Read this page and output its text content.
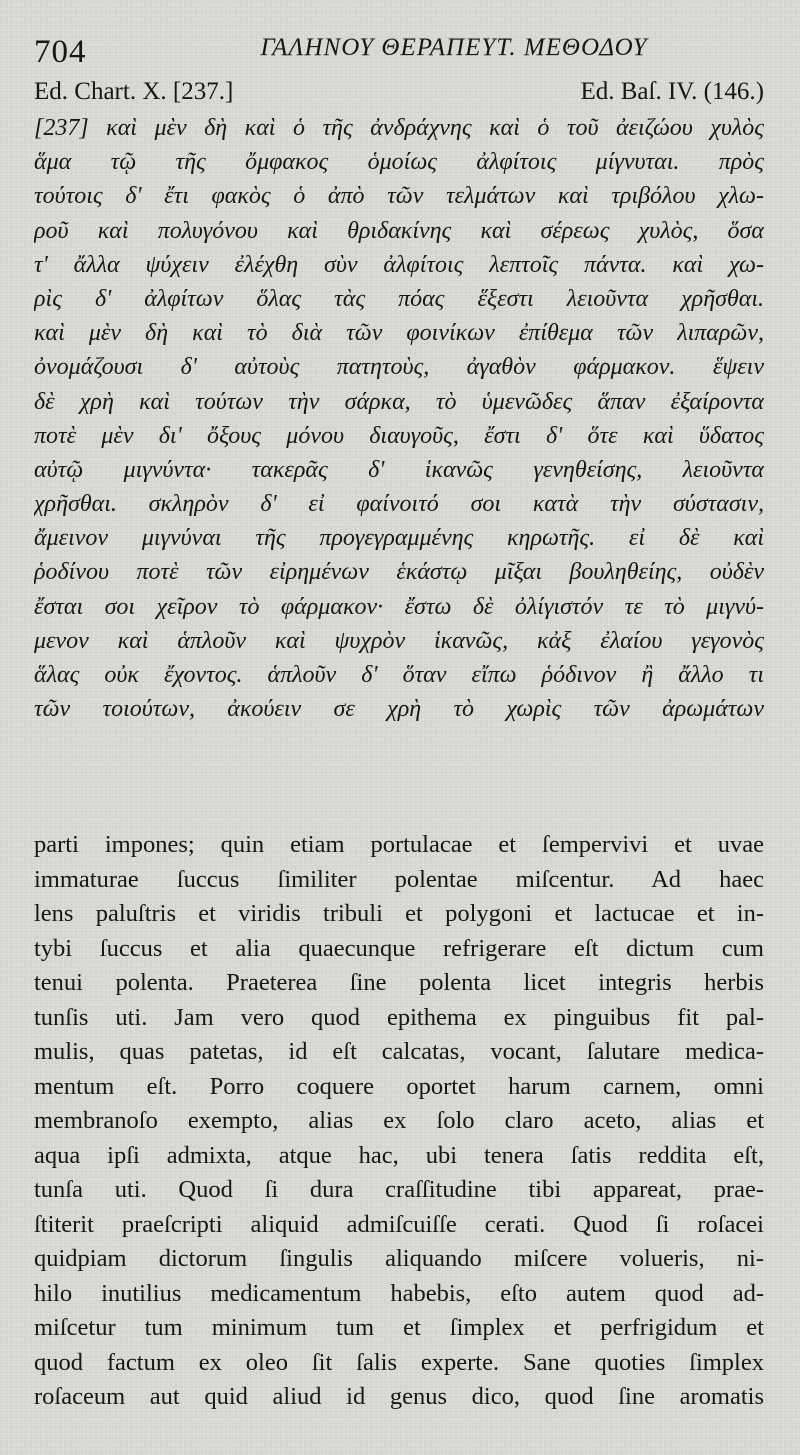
704	ΓΑΛΗΝΟΥ ΘΕΡΑΠΕΥΤ. ΜΕΘΟΔΟΥ
Ed. Chart. X. [237.]	Ed. Baſ. IV. (146.)
[237] καὶ μὲν δὴ καὶ ὁ τῆς ἀνδράχνης καὶ ὁ τοῦ ἀειζώου χυλὸς
ἅμα τῷ τῆς ὄμφακος ὁμοίως ἀλφίτοις μίγνυται. πρὸς
τούτοις δ' ἔτι φακὸς ὁ ἀπὸ τῶν τελμάτων καὶ τριβόλου χλω-
ροῦ καὶ πολυγόνου καὶ θριδακίνης καὶ σέρεως χυλὸς, ὅσα
τ' ἄλλα ψύχειν ἐλέχθη σὺν ἀλφίτοις λεπτοῖς πάντα. καὶ χω-
ρὶς δ' ἀλφίτων ὅλας τὰς πόας ἕξεστι λειοῦντα χρῆσθαι.
καὶ μὲν δὴ καὶ τὸ διὰ τῶν φοινίκων ἐπίθεμα τῶν λιπαρῶν,
ὀνομάζουσι δ' αὐτοὺς πατητοὺς, ἀγαθὸν φάρμακον. ἕψειν
δὲ χρὴ καὶ τούτων τὴν σάρκα, τὸ ὑμενῶδες ἅπαν ἐξαίροντα
ποτὲ μὲν δι' ὄξους μόνου διαυγοῦς, ἔστι δ' ὅτε καὶ ὕδατος
αὐτῷ μιγνύντα· τακερᾶς δ' ἱκανῶς γενηθείσης, λειοῦντα
χρῆσθαι. σκληρὸν δ' εἰ φαίνοιτό σοι κατὰ τὴν σύστασιν,
ἄμεινον μιγνύναι τῆς προγεγραμμένης κηρωτῆς. εἰ δὲ καὶ
ῥοδίνου ποτὲ τῶν εἰρημένων ἑκάστῳ μῖξαι βουληθείης, οὐδὲν
ἔσται σοι χεῖρον τὸ φάρμακον· ἔστω δὲ ὀλίγιστόν τε τὸ μιγνύ-
μενον καὶ ἁπλοῦν καὶ ψυχρὸν ἱκανῶς, κἀξ ἐλαίου γεγονὸς
ἅλας οὐκ ἔχοντος. ἁπλοῦν δ' ὅταν εἴπω ῥόδινον ἢ ἄλλο τι
τῶν τοιούτων, ἀκούειν σε χρὴ τὸ χωρὶς τῶν ἀρωμάτων
parti impones; quin etiam portulacae et ſempervivi et uvae
immaturae ſuccus ſimiliter polentae miſcentur. Ad haec
lens paluſtris et viridis tribuli et polygoni et lactucae et in-
tybi ſuccus et alia quaecunque refrigerare eſt dictum cum
tenui polenta. Praeterea ſine polenta licet integris herbis
tunſis uti. Jam vero quod epithema ex pinguibus fit pal-
mulis, quas patetas, id eſt calcatas, vocant, ſalutare medica-
mentum eſt. Porro coquere oportet harum carnem, omni
membranoſo exempto, alias ex ſolo claro aceto, alias et
aqua ipſi admixta, atque hac, ubi tenera ſatis reddita eſt,
tunſa uti. Quod ſi dura craſſitudine tibi appareat, prae-
ſtiterit praeſcripti aliquid admiſcuiſſe cerati. Quod ſi roſacei
quidpiam dictorum ſingulis aliquando miſcere volueris, ni-
hilo inutilius medicamentum habebis, eſto autem quod ad-
miſcetur tum minimum tum et ſimplex et perfrigidum et
quod factum ex oleo ſit ſalis experte. Sane quoties ſimplex
roſaceum aut quid aliud id genus dico, quod ſine aromatis
